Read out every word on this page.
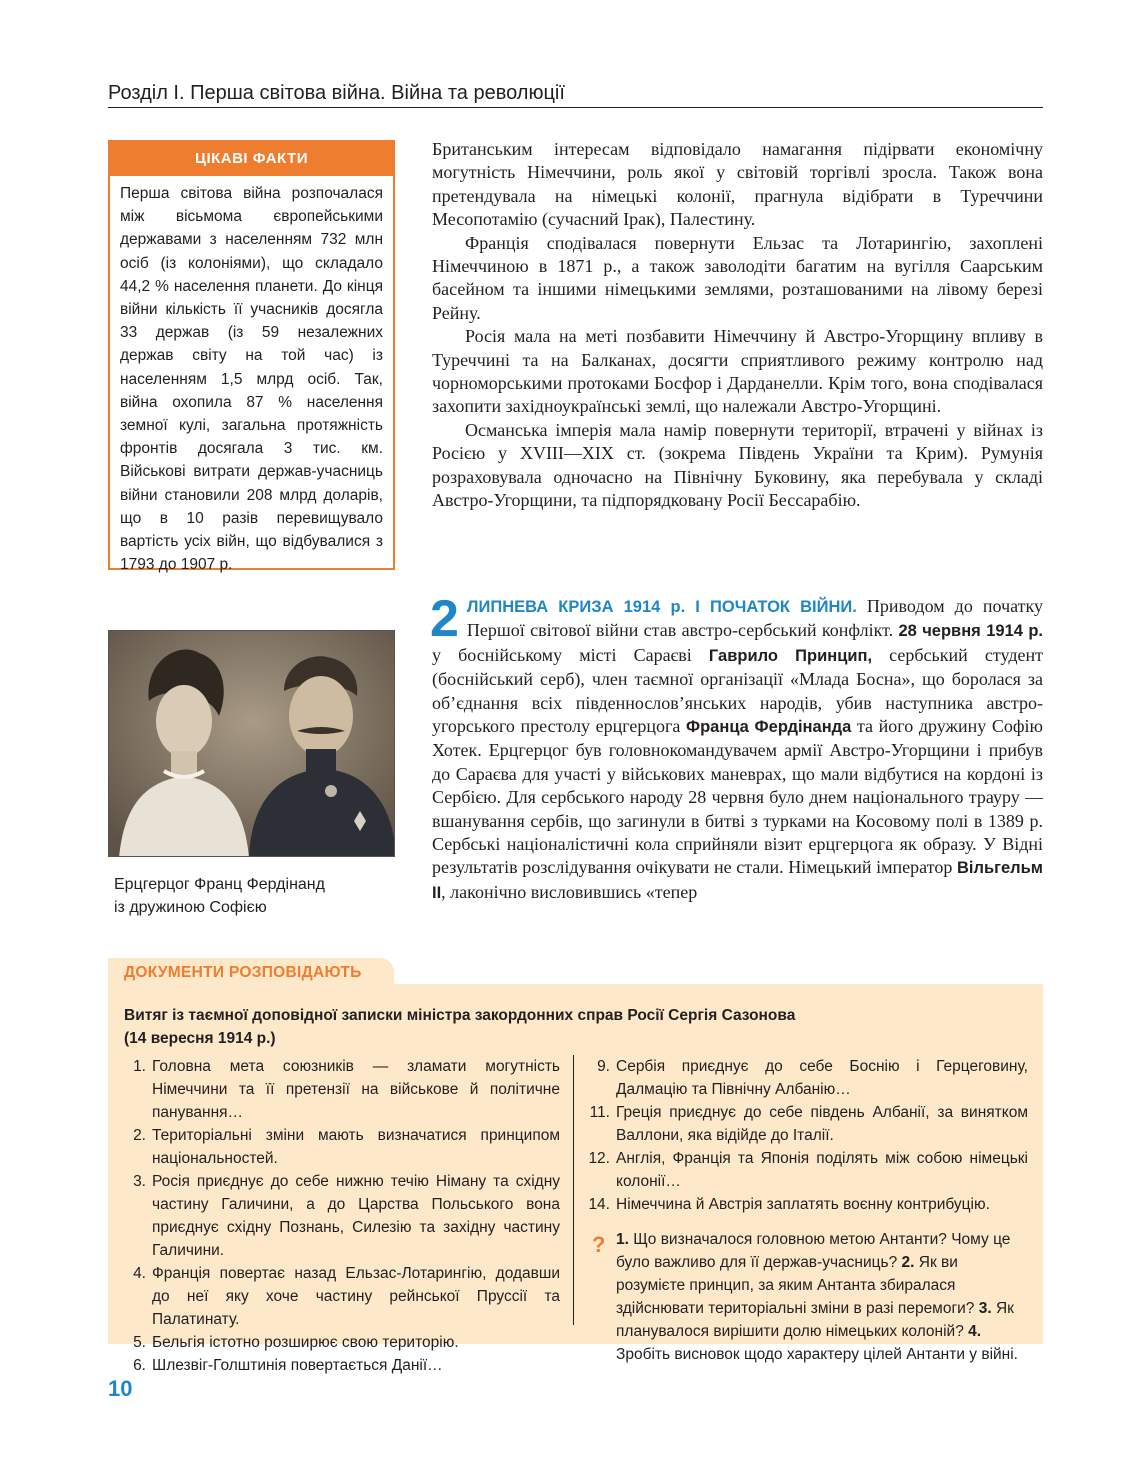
Розділ І. Перша світова війна. Війна та революції
ЦІКАВІ ФАКТИ
Перша світова війна розпочалася між вісьмома європейськими державами з населенням 732 млн осіб (із колоніями), що складало 44,2 % населення планети. До кінця війни кількість її учасників досягла 33 держав (із 59 незалежних держав світу на той час) із населенням 1,5 млрд осіб. Так, війна охопила 87 % населення земної кулі, загальна протяжність фронтів досягала 3 тис. км. Військові витрати держав-учасниць війни становили 208 млрд доларів, що в 10 разів перевищувало вартість усіх війн, що відбувалися з 1793 до 1907 р.
Ерцгерцог Франц Фердінанд
із дружиною Софією

Британським інтересам відповідало намагання підірвати економічну могутність Німеччини, роль якої у світовій торгівлі зросла. Також вона претендувала на німецькі колонії, прагнула відібрати в Туреччини Месопотамію (сучасний Ірак), Палестину.

Франція сподівалася повернути Ельзас та Лотарингію, захоплені Німеччиною в 1871 р., а також заволодіти багатим на вугілля Саарським басейном та іншими німецькими землями, розташованими на лівому березі Рейну.

Росія мала на меті позбавити Німеччину й Австро-Угорщину впливу в Туреччині та на Балканах, досягти сприятливого режиму контролю над чорноморськими протоками Босфор і Дарданелли. Крім того, вона сподівалася захопити західноукраїнські землі, що належали Австро-Угорщині.

Османська імперія мала намір повернути території, втрачені у війнах із Росією у XVIII—XIX ст. (зокрема Південь України та Крим). Румунія розраховувала одночасно на Північну Буковину, яка перебувала у складі Австро-Угорщини, та підпорядковану Росії Бессарабію.

2 ЛИПНЕВА КРИЗА 1914 р. І ПОЧАТОК ВІЙНИ. Приводом до початку Першої світової війни став австро-сербський конфлікт. 28 червня 1914 р. у боснійському місті Сараєві Гаврило Принцип, сербський студент (боснійський серб), член таємної організації «Млада Босна», що боролася за об’єднання всіх південнослов’янських народів, убив наступника австро-угорського престолу ерцгерцога Франца Фердінанда та його дружину Софію Хотек. Ерцгерцог був головнокомандувачем армії Австро-Угорщини і прибув до Сараєва для участі у військових маневрах, що мали відбутися на кордоні із Сербією. Для сербського народу 28 червня було днем національного трауру — вшанування сербів, що загинули в битві з турками на Косовому полі в 1389 р. Сербські націоналістичні кола сприйняли візит ерцгерцога як образу. У Відні результатів розслідування очікувати не стали. Німецький імператор Вільгельм II, лаконічно висловившись «тепер
ДОКУМЕНТИ РОЗПОВІДАЮТЬ
Витяг із таємної доповідної записки міністра закордонних справ Росії Сергія Сазонова
(14 вересня 1914 р.)
1. Головна мета союзників — зламати могутність Німеччини та її претензії на військове й політичне панування…
2. Територіальні зміни мають визначатися принципом національностей.
3. Росія приєднує до себе нижню течію Німану та східну частину Галичини, а до Царства Польського вона приєднує східну Познань, Силезію та західну частину Галичини.
4. Франція повертає назад Ельзас-Лотарингію, додавши до неї яку хоче частину рейнської Пруссії та Палатинату.
5. Бельгія істотно розширює свою територію.
6. Шлезвіг-Голштинія повертається Данії…
9. Сербія приєднує до себе Боснію і Герцеговину, Далмацію та Північну Албанію…
11. Греція приєднує до себе південь Албанії, за винятком Валлони, яка відійде до Італії.
12. Англія, Франція та Японія поділять між собою німецькі колонії…
14. Німеччина й Австрія заплатять воєнну контрибуцію.
? 1. Що визначалося головною метою Антанти? Чому це було важливо для її держав-учасниць? 2. Як ви розумієте принцип, за яким Антанта збиралася здійснювати територіальні зміни в разі перемоги? 3. Як планувалося вирішити долю німецьких колоній? 4. Зробіть висновок щодо характеру цілей Антанти у війні.
10
